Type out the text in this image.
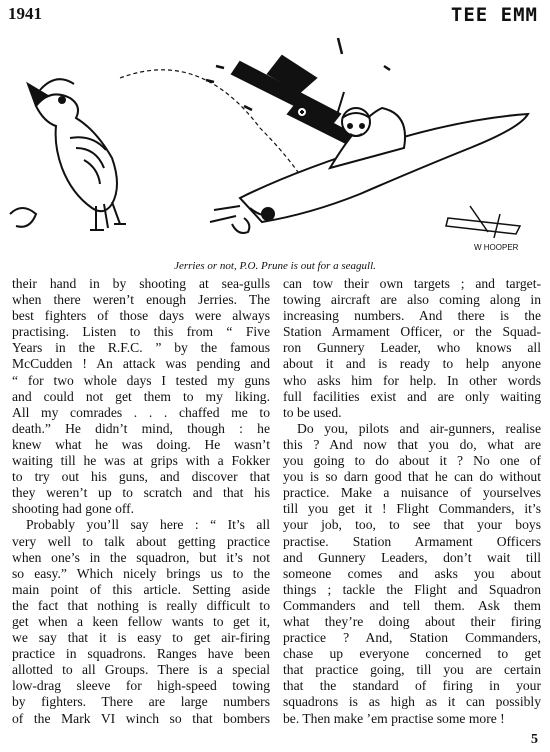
1941	TEE EMM
W HOOPER
Jerries or not, P.O. Prune is out for a seagull.
their hand in by shooting at sea-gulls
when there weren’t enough Jerries. The
best fighters of those days were always
practising. Listen to this from “ Five
Years in the R.F.C. ” by the famous
McCudden ! An attack was pending and
“ for two whole days I tested my guns
and could not get them to my liking.
All my comrades . . . chaffed me to
death.” He didn’t mind, though : he
knew what he was doing. He wasn’t
waiting till he was at grips with a Fokker
to try out his guns, and discover that
they weren’t up to scratch and that his
shooting had gone off.
Probably you’ll say here : “ It’s all
very well to talk about getting practice
when one’s in the squadron, but it’s not
so easy.” Which nicely brings us to the
main point of this article. Setting aside
the fact that nothing is really difficult to
get when a keen fellow wants to get it,
we say that it is easy to get air-firing
practice in squadrons. Ranges have been
allotted to all Groups. There is a special
low-drag sleeve for high-speed towing
by fighters. There are large numbers
of the Mark VI winch so that bombers
can tow their own targets ; and target-
towing aircraft are also coming along in
increasing numbers. And there is the
Station Armament Officer, or the Squad-
ron Gunnery Leader, who knows all
about it and is ready to help anyone
who asks him for help. In other words
full facilities exist and are only waiting
to be used.
Do you, pilots and air-gunners, realise
this ? And now that you do, what are
you going to do about it ? No one of
you is so darn good that he can do without
practice. Make a nuisance of yourselves
till you get it ! Flight Commanders, it’s
your job, too, to see that your boys
practise. Station Armament Officers
and Gunnery Leaders, don’t wait till
someone comes and asks you about
things ; tackle the Flight and Squadron
Commanders and tell them. Ask them
what they’re doing about their firing
practice ? And, Station Commanders,
chase up everyone concerned to get
that practice going, till you are certain
that the standard of firing in your
squadrons is as high as it can possibly
be. Then make ’em practise some more !
5
